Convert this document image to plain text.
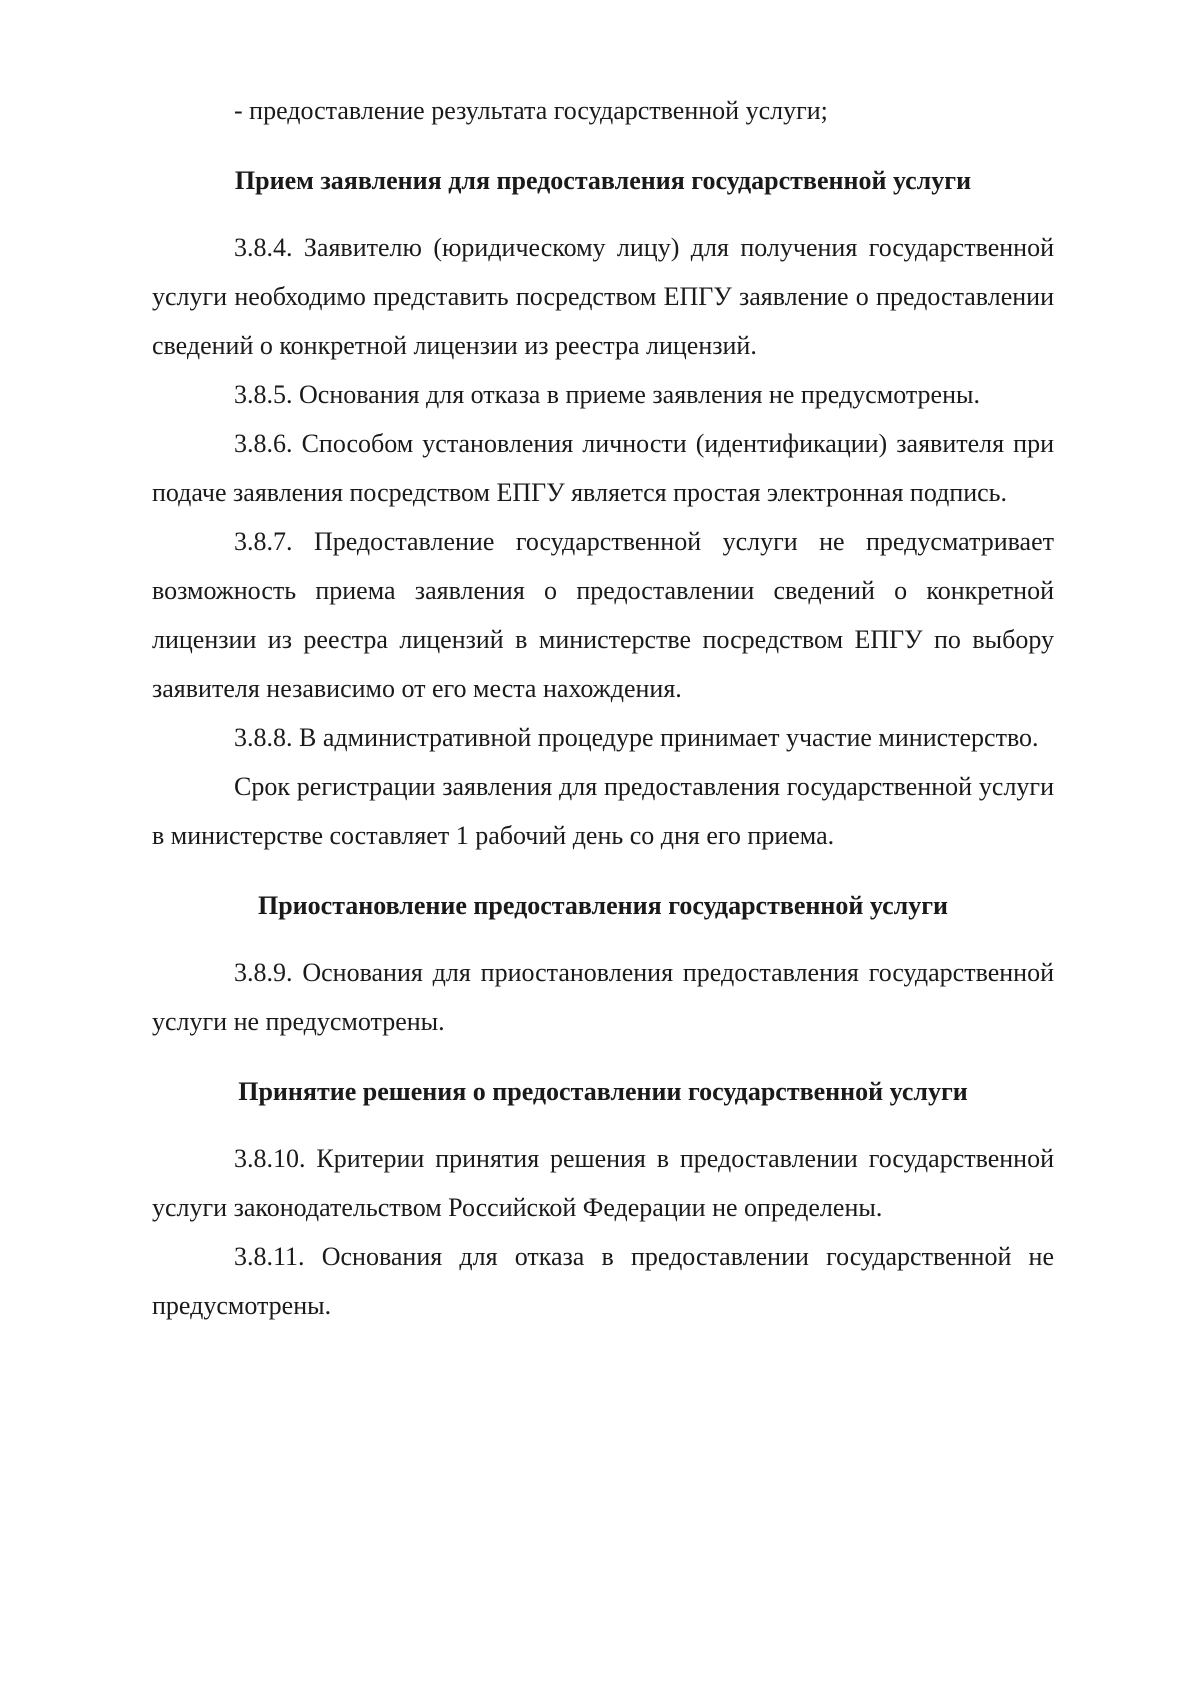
- предоставление результата государственной услуги;

Прием заявления для предоставления государственной услуги

3.8.4. Заявителю (юридическому лицу) для получения государственной услуги необходимо представить посредством ЕПГУ заявление о предоставлении сведений о конкретной лицензии из реестра лицензий.

3.8.5. Основания для отказа в приеме заявления не предусмотрены.

3.8.6. Способом установления личности (идентификации) заявителя при подаче заявления посредством ЕПГУ является простая электронная подпись.

3.8.7. Предоставление государственной услуги не предусматривает возможность приема заявления о предоставлении сведений о конкретной лицензии из реестра лицензий в министерстве посредством ЕПГУ по выбору заявителя независимо от его места нахождения.

3.8.8. В административной процедуре принимает участие министерство.

Срок регистрации заявления для предоставления государственной услуги в министерстве составляет 1 рабочий день со дня его приема.

Приостановление предоставления государственной услуги

3.8.9. Основания для приостановления предоставления государственной услуги не предусмотрены.

Принятие решения о предоставлении государственной услуги

3.8.10. Критерии принятия решения в предоставлении государственной услуги законодательством Российской Федерации не определены.

3.8.11. Основания для отказа в предоставлении государственной не предусмотрены.
